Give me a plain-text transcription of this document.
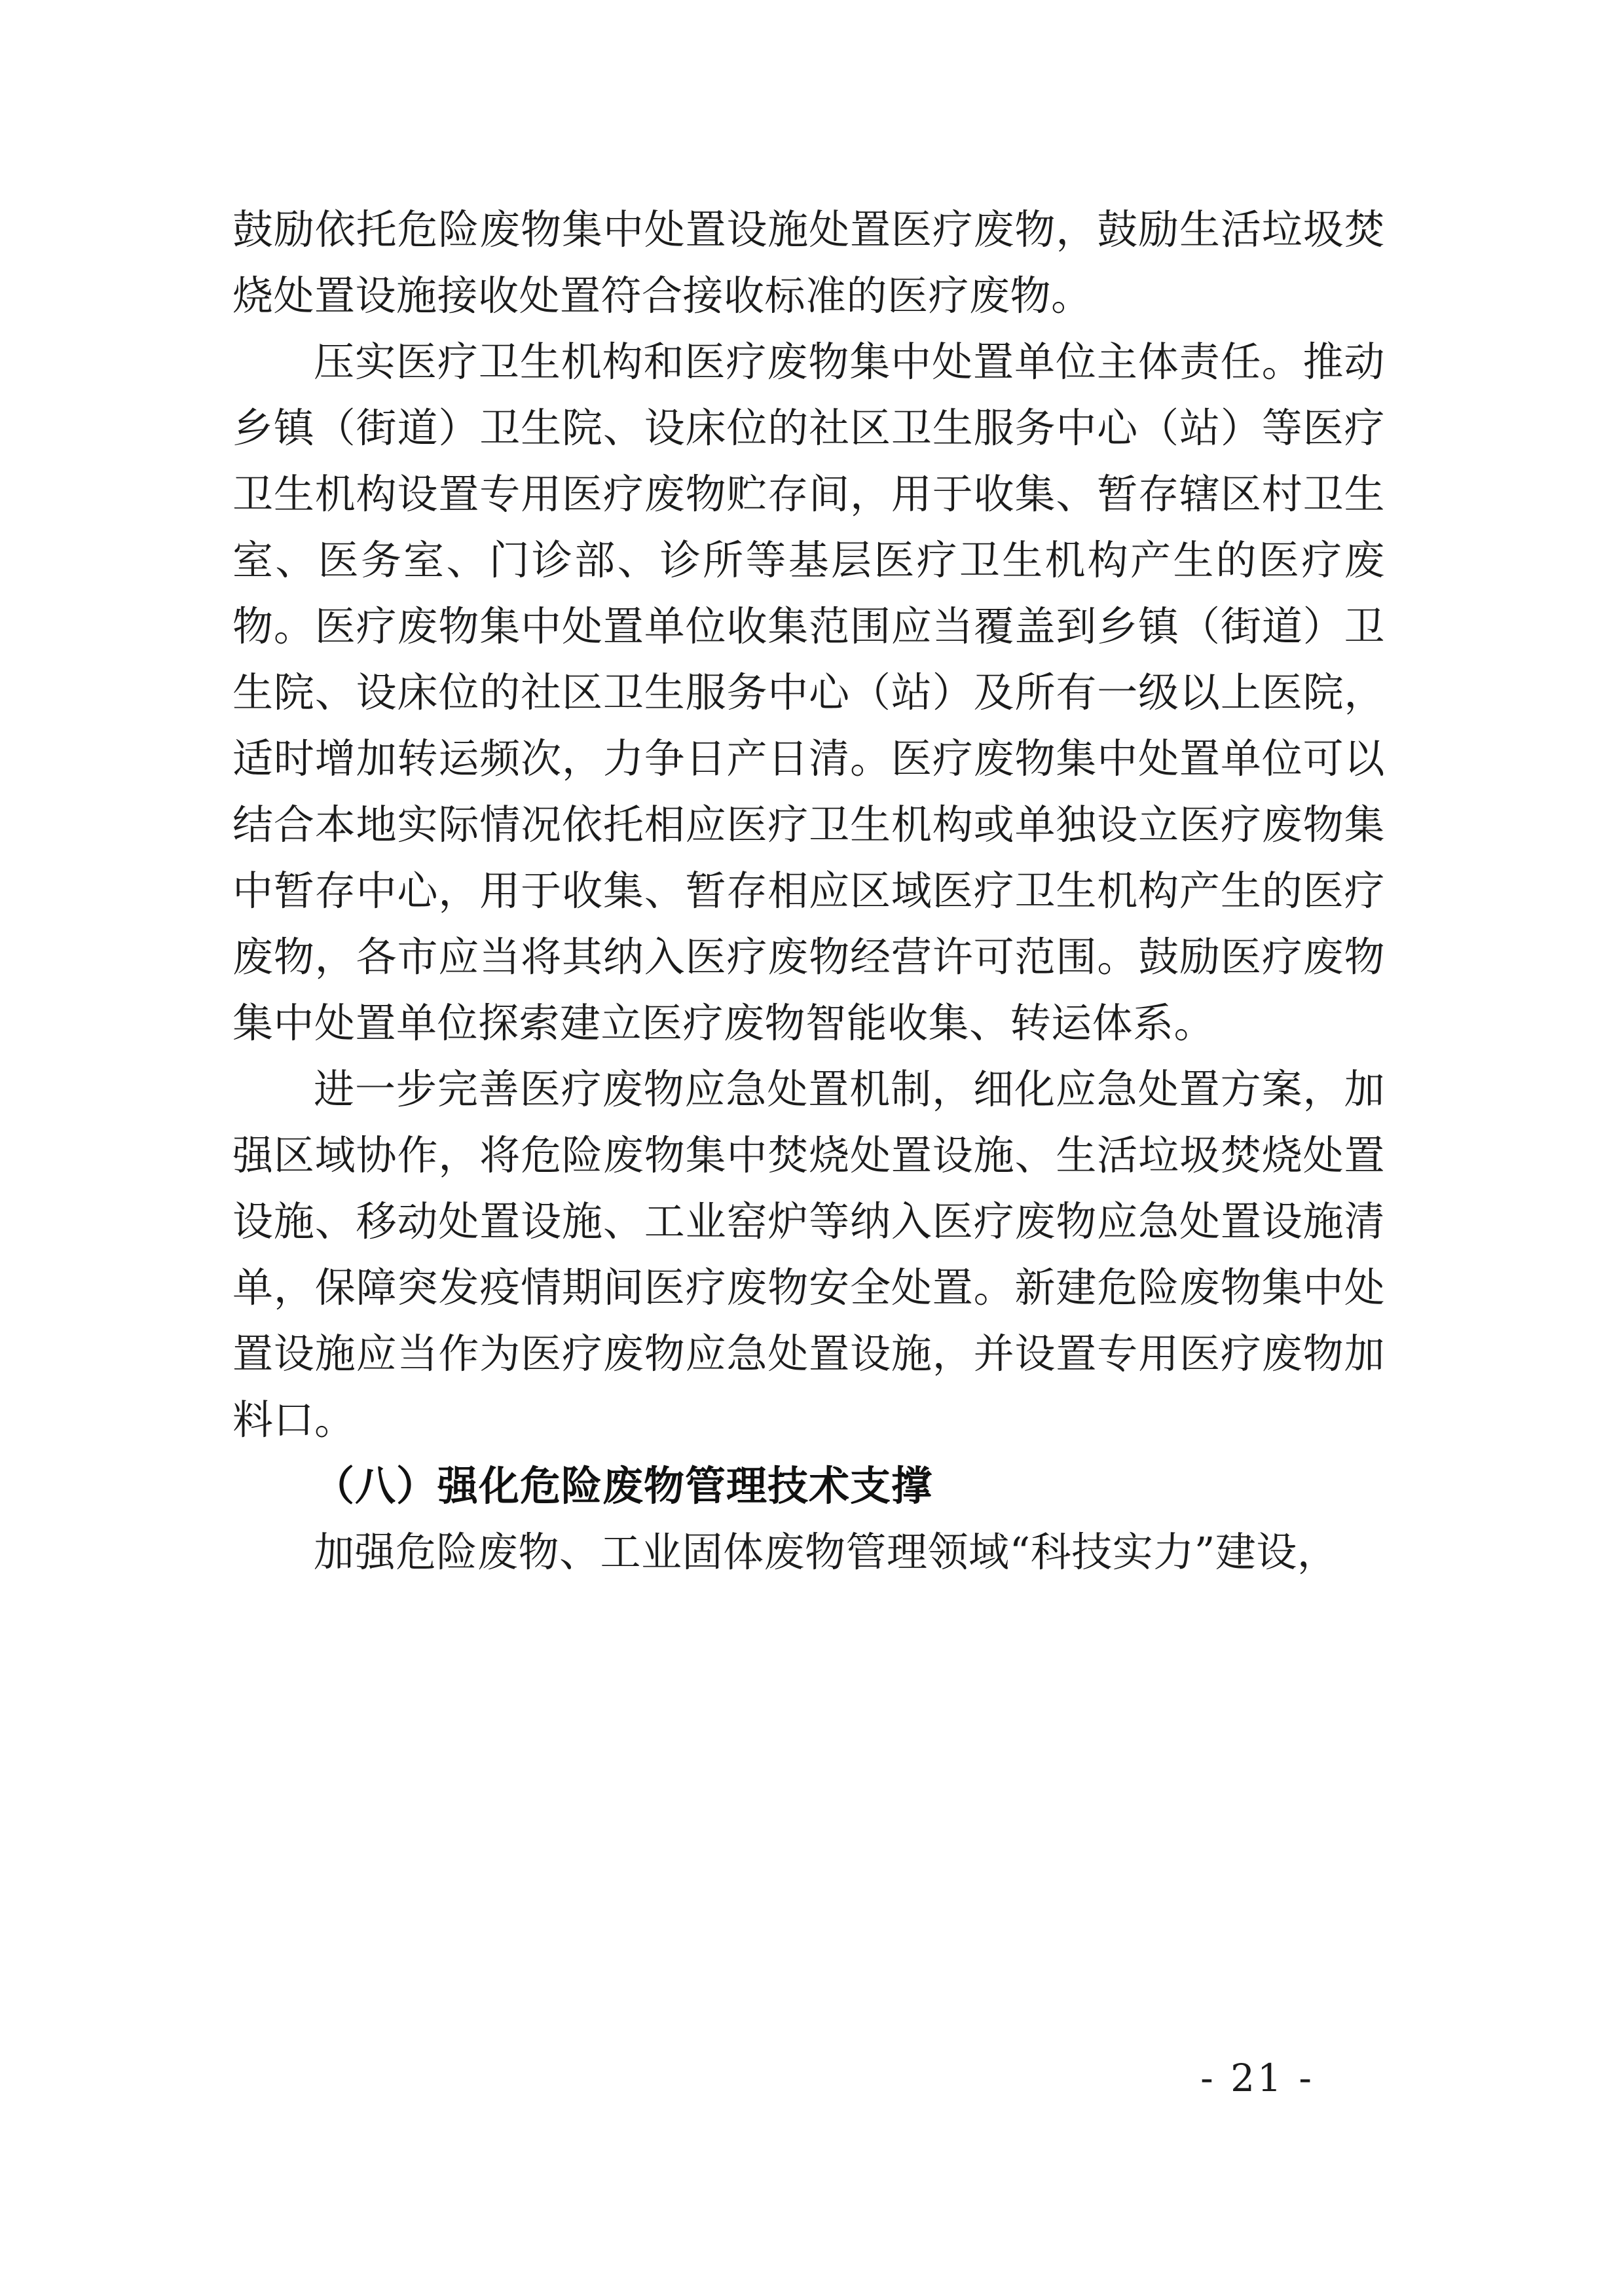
鼓励依托危险废物集中处置设施处置医疗废物，鼓励生活垃圾焚烧处置设施接收处置符合接收标准的医疗废物。

压实医疗卫生机构和医疗废物集中处置单位主体责任。推动乡镇（街道）卫生院、设床位的社区卫生服务中心（站）等医疗卫生机构设置专用医疗废物贮存间，用于收集、暂存辖区村卫生室、医务室、门诊部、诊所等基层医疗卫生机构产生的医疗废物。医疗废物集中处置单位收集范围应当覆盖到乡镇（街道）卫生院、设床位的社区卫生服务中心（站）及所有一级以上医院，适时增加转运频次，力争日产日清。医疗废物集中处置单位可以结合本地实际情况依托相应医疗卫生机构或单独设立医疗废物集中暂存中心，用于收集、暂存相应区域医疗卫生机构产生的医疗废物，各市应当将其纳入医疗废物经营许可范围。鼓励医疗废物集中处置单位探索建立医疗废物智能收集、转运体系。

进一步完善医疗废物应急处置机制，细化应急处置方案，加强区域协作，将危险废物集中焚烧处置设施、生活垃圾焚烧处置设施、移动处置设施、工业窑炉等纳入医疗废物应急处置设施清单，保障突发疫情期间医疗废物安全处置。新建危险废物集中处置设施应当作为医疗废物应急处置设施，并设置专用医疗废物加料口。

（八）强化危险废物管理技术支撑

加强危险废物、工业固体废物管理领域“科技实力”建设，

- 21 -
